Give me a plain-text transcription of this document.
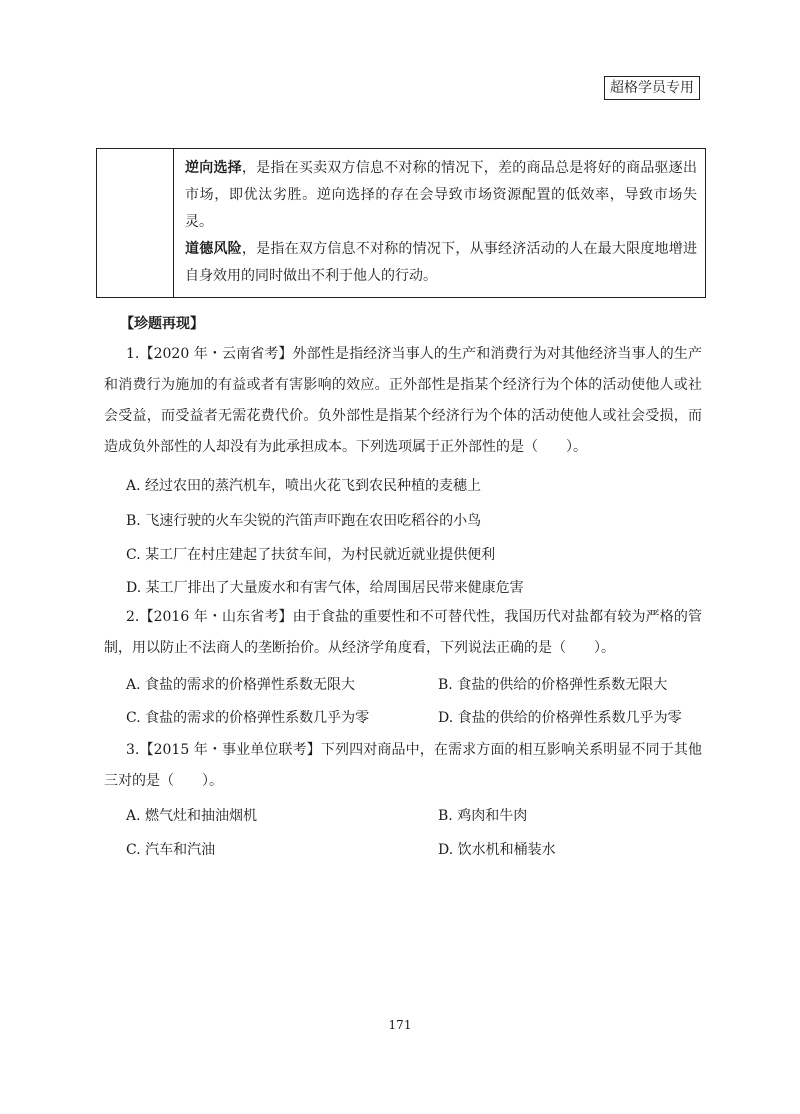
超格学员专用
逆向选择，是指在买卖双方信息不对称的情况下，差的商品总是将好的商品驱逐出市场，即优汰劣胜。逆向选择的存在会导致市场资源配置的低效率，导致市场失灵。
道德风险，是指在双方信息不对称的情况下，从事经济活动的人在最大限度地增进自身效用的同时做出不利于他人的行动。
【珍题再现】
1.【2020 年・云南省考】外部性是指经济当事人的生产和消费行为对其他经济当事人的生产和消费行为施加的有益或者有害影响的效应。正外部性是指某个经济行为个体的活动使他人或社会受益，而受益者无需花费代价。负外部性是指某个经济行为个体的活动使他人或社会受损，而造成负外部性的人却没有为此承担成本。下列选项属于正外部性的是（　　）。
A. 经过农田的蒸汽机车，喷出火花飞到农民种植的麦穗上
B. 飞速行驶的火车尖锐的汽笛声吓跑在农田吃稻谷的小鸟
C. 某工厂在村庄建起了扶贫车间，为村民就近就业提供便利
D. 某工厂排出了大量废水和有害气体，给周围居民带来健康危害
2.【2016 年・山东省考】由于食盐的重要性和不可替代性，我国历代对盐都有较为严格的管制，用以防止不法商人的垄断抬价。从经济学角度看，下列说法正确的是（　　）。
A. 食盐的需求的价格弹性系数无限大	B. 食盐的供给的价格弹性系数无限大
C. 食盐的需求的价格弹性系数几乎为零	D. 食盐的供给的价格弹性系数几乎为零
3.【2015 年・事业单位联考】下列四对商品中，在需求方面的相互影响关系明显不同于其他三对的是（　　）。
A. 燃气灶和抽油烟机	B. 鸡肉和牛肉
C. 汽车和汽油	D. 饮水机和桶装水
171
